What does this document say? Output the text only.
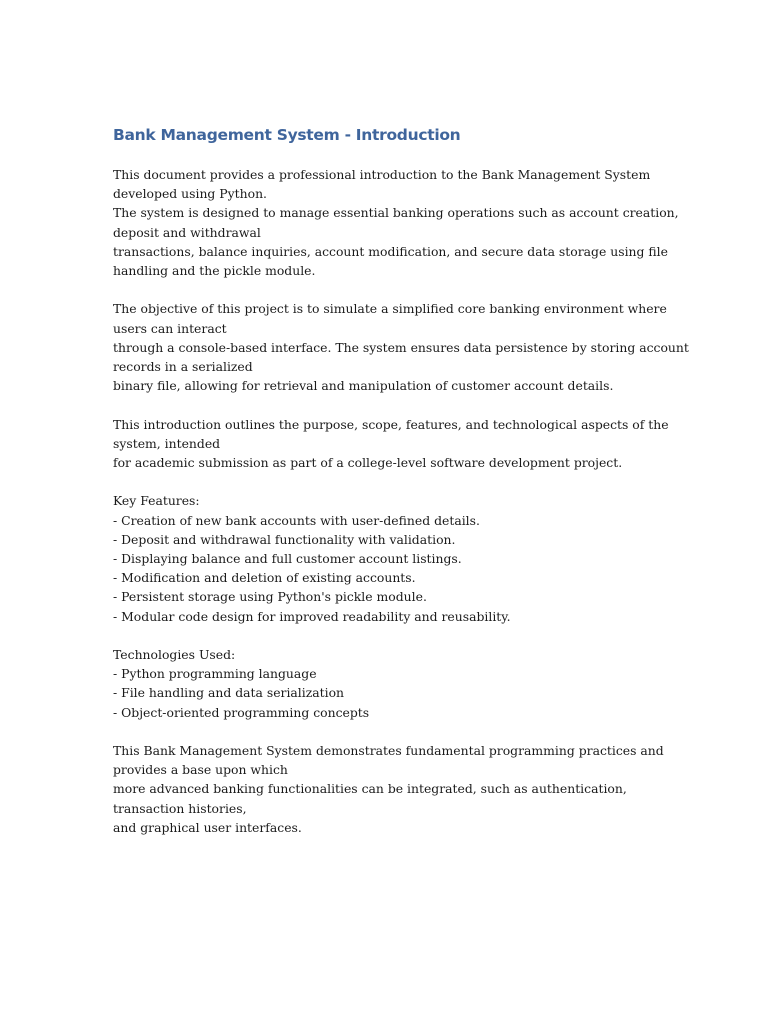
Bank Management System - Introduction

This document provides a professional introduction to the Bank Management System
developed using Python.
The system is designed to manage essential banking operations such as account creation,
deposit and withdrawal
transactions, balance inquiries, account modification, and secure data storage using file
handling and the pickle module.

The objective of this project is to simulate a simplified core banking environment where
users can interact
through a console-based interface. The system ensures data persistence by storing account
records in a serialized
binary file, allowing for retrieval and manipulation of customer account details.

This introduction outlines the purpose, scope, features, and technological aspects of the
system, intended
for academic submission as part of a college-level software development project.

Key Features:
- Creation of new bank accounts with user-defined details.
- Deposit and withdrawal functionality with validation.
- Displaying balance and full customer account listings.
- Modification and deletion of existing accounts.
- Persistent storage using Python's pickle module.
- Modular code design for improved readability and reusability.

Technologies Used:
- Python programming language
- File handling and data serialization
- Object-oriented programming concepts

This Bank Management System demonstrates fundamental programming practices and
provides a base upon which
more advanced banking functionalities can be integrated, such as authentication,
transaction histories,
and graphical user interfaces.
